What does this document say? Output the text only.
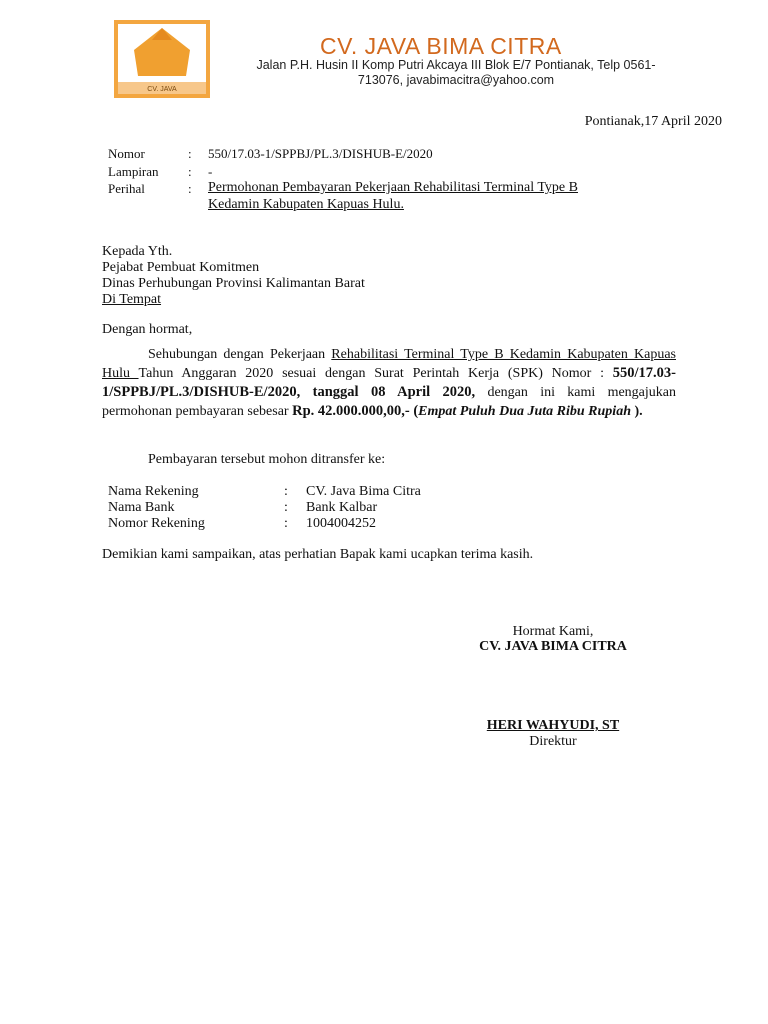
CV. JAVA
CV. JAVA BIMA CITRA
Jalan P.H. Husin II Komp Putri Akcaya III Blok E/7 Pontianak, Telp 0561-713076, javabimacitra@yahoo.com
Pontianak,17 April 2020
Nomor	: 550/17.03-1/SPPBJ/PL.3/DISHUB-E/2020
Lampiran : -
Perihal	: Permohonan Pembayaran Pekerjaan Rehabilitasi Terminal Type B
Kedamin Kabupaten Kapuas Hulu.
Kepada Yth.
Pejabat Pembuat Komitmen
Dinas Perhubungan Provinsi Kalimantan Barat
Di Tempat
Dengan hormat,
Sehubungan dengan Pekerjaan Rehabilitasi Terminal Type B Kedamin Kabupaten Kapuas Hulu Tahun Anggaran 2020 sesuai dengan Surat Perintah Kerja (SPK) Nomor : 550/17.03-1/SPPBJ/PL.3/DISHUB-E/2020, tanggal 08 April 2020, dengan ini kami mengajukan permohonan pembayaran sebesar Rp. 42.000.000,00,- (Empat Puluh Dua Juta Ribu Rupiah ).
Pembayaran tersebut mohon ditransfer ke:
Nama Rekening	: CV. Java Bima Citra
Nama Bank	: Bank Kalbar
Nomor Rekening	: 1004004252
Demikian kami sampaikan, atas perhatian Bapak kami ucapkan terima kasih.
Hormat Kami,
CV. JAVA BIMA CITRA
HERI WAHYUDI, ST
Direktur
